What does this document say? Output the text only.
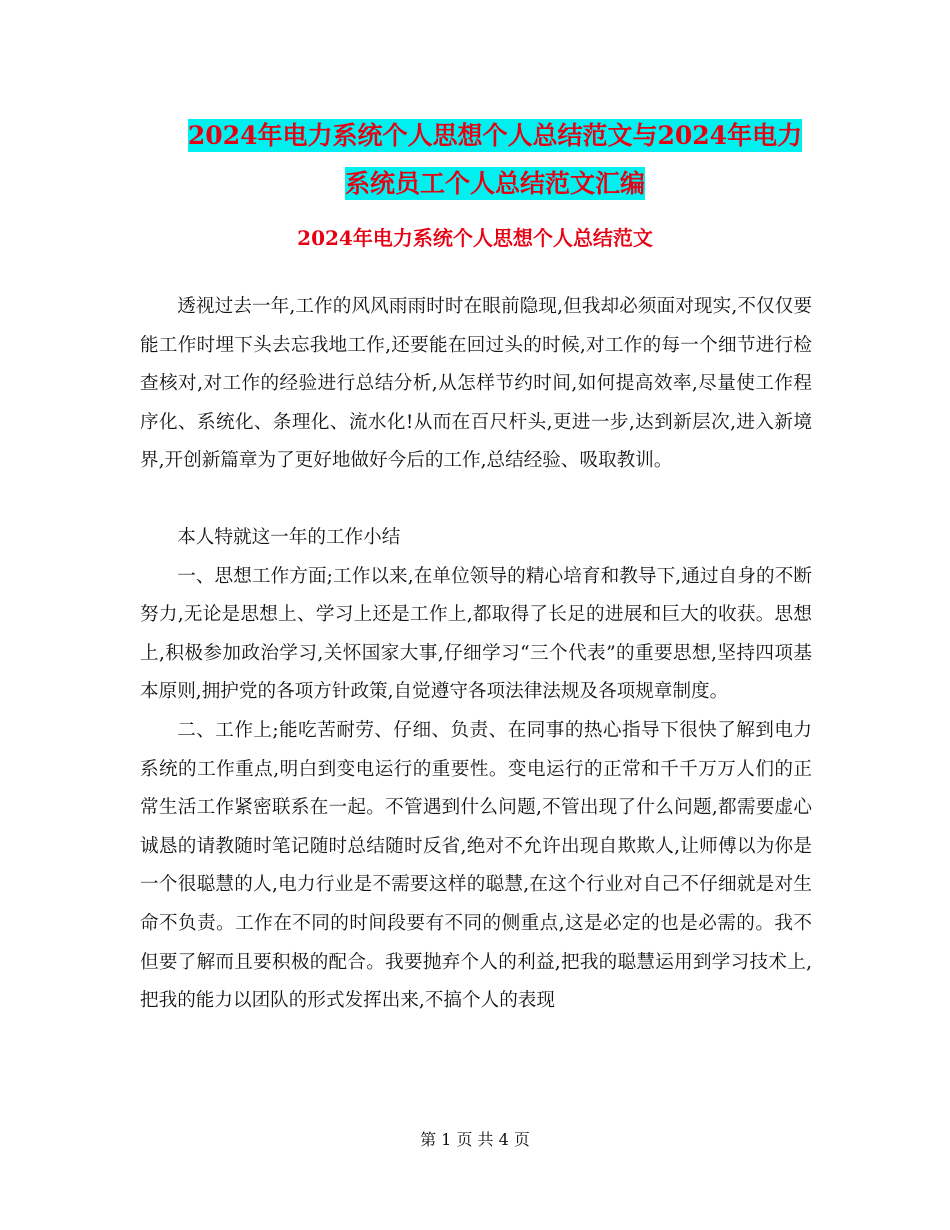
2024年电力系统个人思想个人总结范文与2024年电力
系统员工个人总结范文汇编
2024年电力系统个人思想个人总结范文

透视过去一年,工作的风风雨雨时时在眼前隐现,但我却必须面对现实,不仅仅要能工作时埋下头去忘我地工作,还要能在回过头的时候,对工作的每一个细节进行检查核对,对工作的经验进行总结分析,从怎样节约时间,如何提高效率,尽量使工作程序化、系统化、条理化、流水化!从而在百尺杆头,更进一步,达到新层次,进入新境界,开创新篇章为了更好地做好今后的工作,总结经验、吸取教训。

本人特就这一年的工作小结

一、思想工作方面;工作以来,在单位领导的精心培育和教导下,通过自身的不断努力,无论是思想上、学习上还是工作上,都取得了长足的进展和巨大的收获。思想上,积极参加政治学习,关怀国家大事,仔细学习“三个代表”的重要思想,坚持四项基本原则,拥护党的各项方针政策,自觉遵守各项法律法规及各项规章制度。

二、工作上;能吃苦耐劳、仔细、负责、在同事的热心指导下很快了解到电力系统的工作重点,明白到变电运行的重要性。变电运行的正常和千千万万人们的正常生活工作紧密联系在一起。不管遇到什么问题,不管出现了什么问题,都需要虚心诚恳的请教随时笔记随时总结随时反省,绝对不允许出现自欺欺人,让师傅以为你是一个很聪慧的人,电力行业是不需要这样的聪慧,在这个行业对自己不仔细就是对生命不负责。工作在不同的时间段要有不同的侧重点,这是必定的也是必需的。我不但要了解而且要积极的配合。我要抛弃个人的利益,把我的聪慧运用到学习技术上,把我的能力以团队的形式发挥出来,不搞个人的表现

第 1 页 共 4 页
